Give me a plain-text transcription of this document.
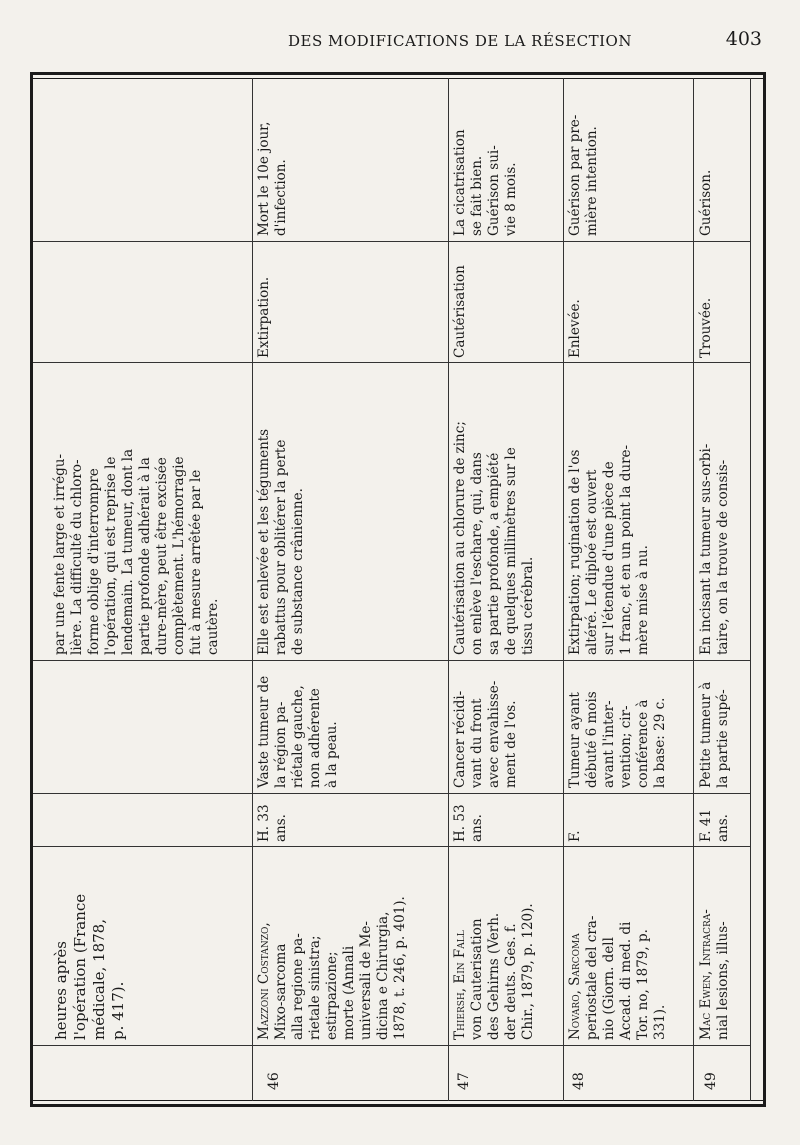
DES MODIFICATIONS DE LA RÉSECTION	403
heures après l'opération (France médicale, 1878, p. 417).
par une fente large et irrégu- lière. La difficulté du chloro- forme oblige d'interrompre l'opération, qui est reprise le lendemain. La tumeur, dont la partie profonde adhérait à la dure-mère, peut être excisée complètement. L'hémorragie fut à mesure arrêtée par le cautère.
46
Mazzoni Costanzo, Mixo-sarcoma alla regione pa- rietale sinistra; estirpazione; morte (Annali universali de Me- dicina e Chirurgia, 1878, t. 246, p. 401).
H. 33 ans.
Vaste tumeur de la région pa- riétale gauche, non adhérente à la peau.
Elle est enlevée et les téguments rabattus pour oblitérer la perte de substance crânienne.
Extirpation.
Mort le 10e jour, d'infection.
47
Thiersh, Ein Fall von Cauterisation des Gehirns (Verh. der deuts. Ges. f. Chir., 1879, p. 120).
H. 53 ans.
Cancer récidi- vant du front avec envahisse- ment de l'os.
Cautérisation au chlorure de zinc; on enlève l'eschare, qui, dans sa partie profonde, a empiété de quelques millimètres sur le tissu cérébral.
Cautérisation
La cicatrisation se fait bien. Guérison sui- vie 8 mois.
48
Novaro, Sarcoma periostale del cra- nio (Giorn. dell Accad. di med. di Tor. no, 1879, p. 331).
F.
Tumeur ayant débuté 6 mois avant l'inter- vention; cir- conférence à la base: 29 c.
Extirpation; rugination de l'os altéré. Le diploé est ouvert sur l'étendue d'une pièce de 1 franc, et en un point la dure- mère mise à nu.
Enlevée.
Guérison par pre- mière intention.
49
Mac Ewen, Intracra- nial lesions, illus-
F. 41 ans.
Petite tumeur à la partie supé-
En incisant la tumeur sus-orbi- taire, on la trouve de consis-
Trouvée.
Guérison.
